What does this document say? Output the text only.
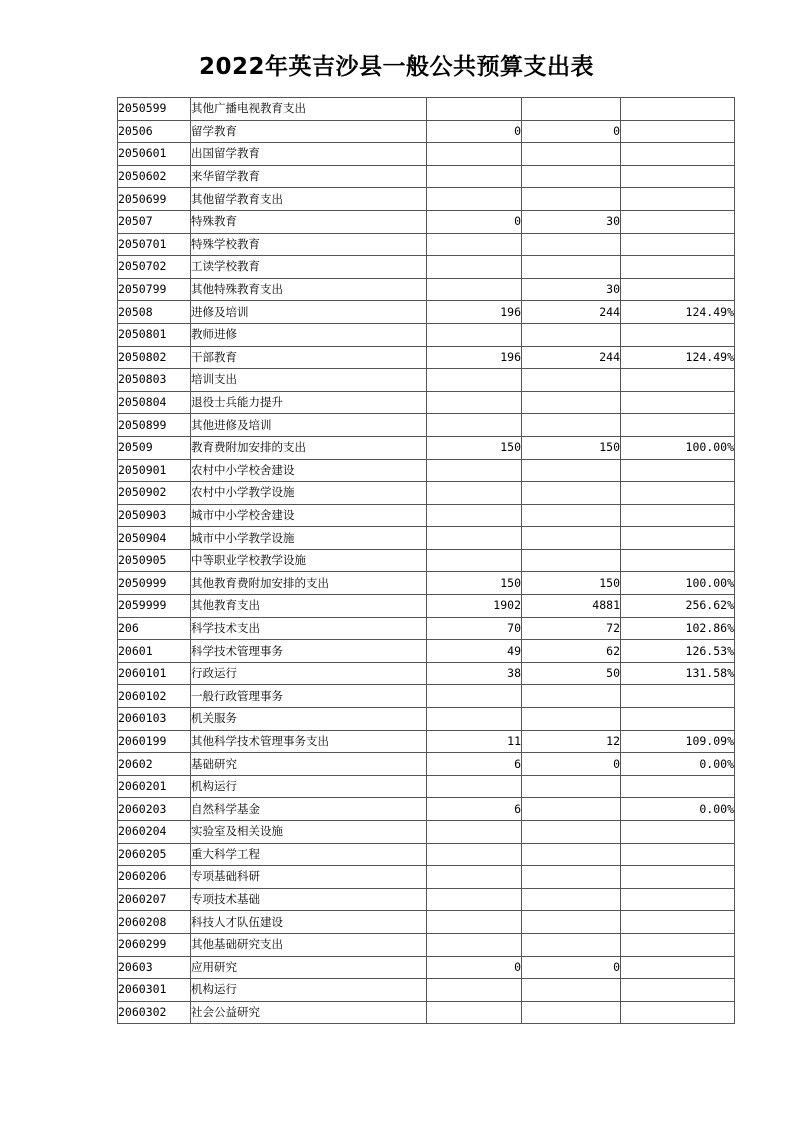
2022年英吉沙县一般公共预算支出表
2050599	其他广播电视教育支出			
20506	留学教育	0	0	
2050601	出国留学教育			
2050602	来华留学教育			
2050699	其他留学教育支出			
20507	特殊教育	0	30	
2050701	特殊学校教育			
2050702	工读学校教育			
2050799	其他特殊教育支出		30	
20508	进修及培训	196	244	124.49%
2050801	教师进修			
2050802	干部教育	196	244	124.49%
2050803	培训支出			
2050804	退役士兵能力提升			
2050899	其他进修及培训			
20509	教育费附加安排的支出	150	150	100.00%
2050901	农村中小学校舍建设			
2050902	农村中小学教学设施			
2050903	城市中小学校舍建设			
2050904	城市中小学教学设施			
2050905	中等职业学校教学设施			
2050999	其他教育费附加安排的支出	150	150	100.00%
2059999	其他教育支出	1902	4881	256.62%
206	科学技术支出	70	72	102.86%
20601	科学技术管理事务	49	62	126.53%
2060101	行政运行	38	50	131.58%
2060102	一般行政管理事务			
2060103	机关服务			
2060199	其他科学技术管理事务支出	11	12	109.09%
20602	基础研究	6	0	0.00%
2060201	机构运行			
2060203	自然科学基金	6		0.00%
2060204	实验室及相关设施			
2060205	重大科学工程			
2060206	专项基础科研			
2060207	专项技术基础			
2060208	科技人才队伍建设			
2060299	其他基础研究支出			
20603	应用研究	0	0	
2060301	机构运行			
2060302	社会公益研究			
